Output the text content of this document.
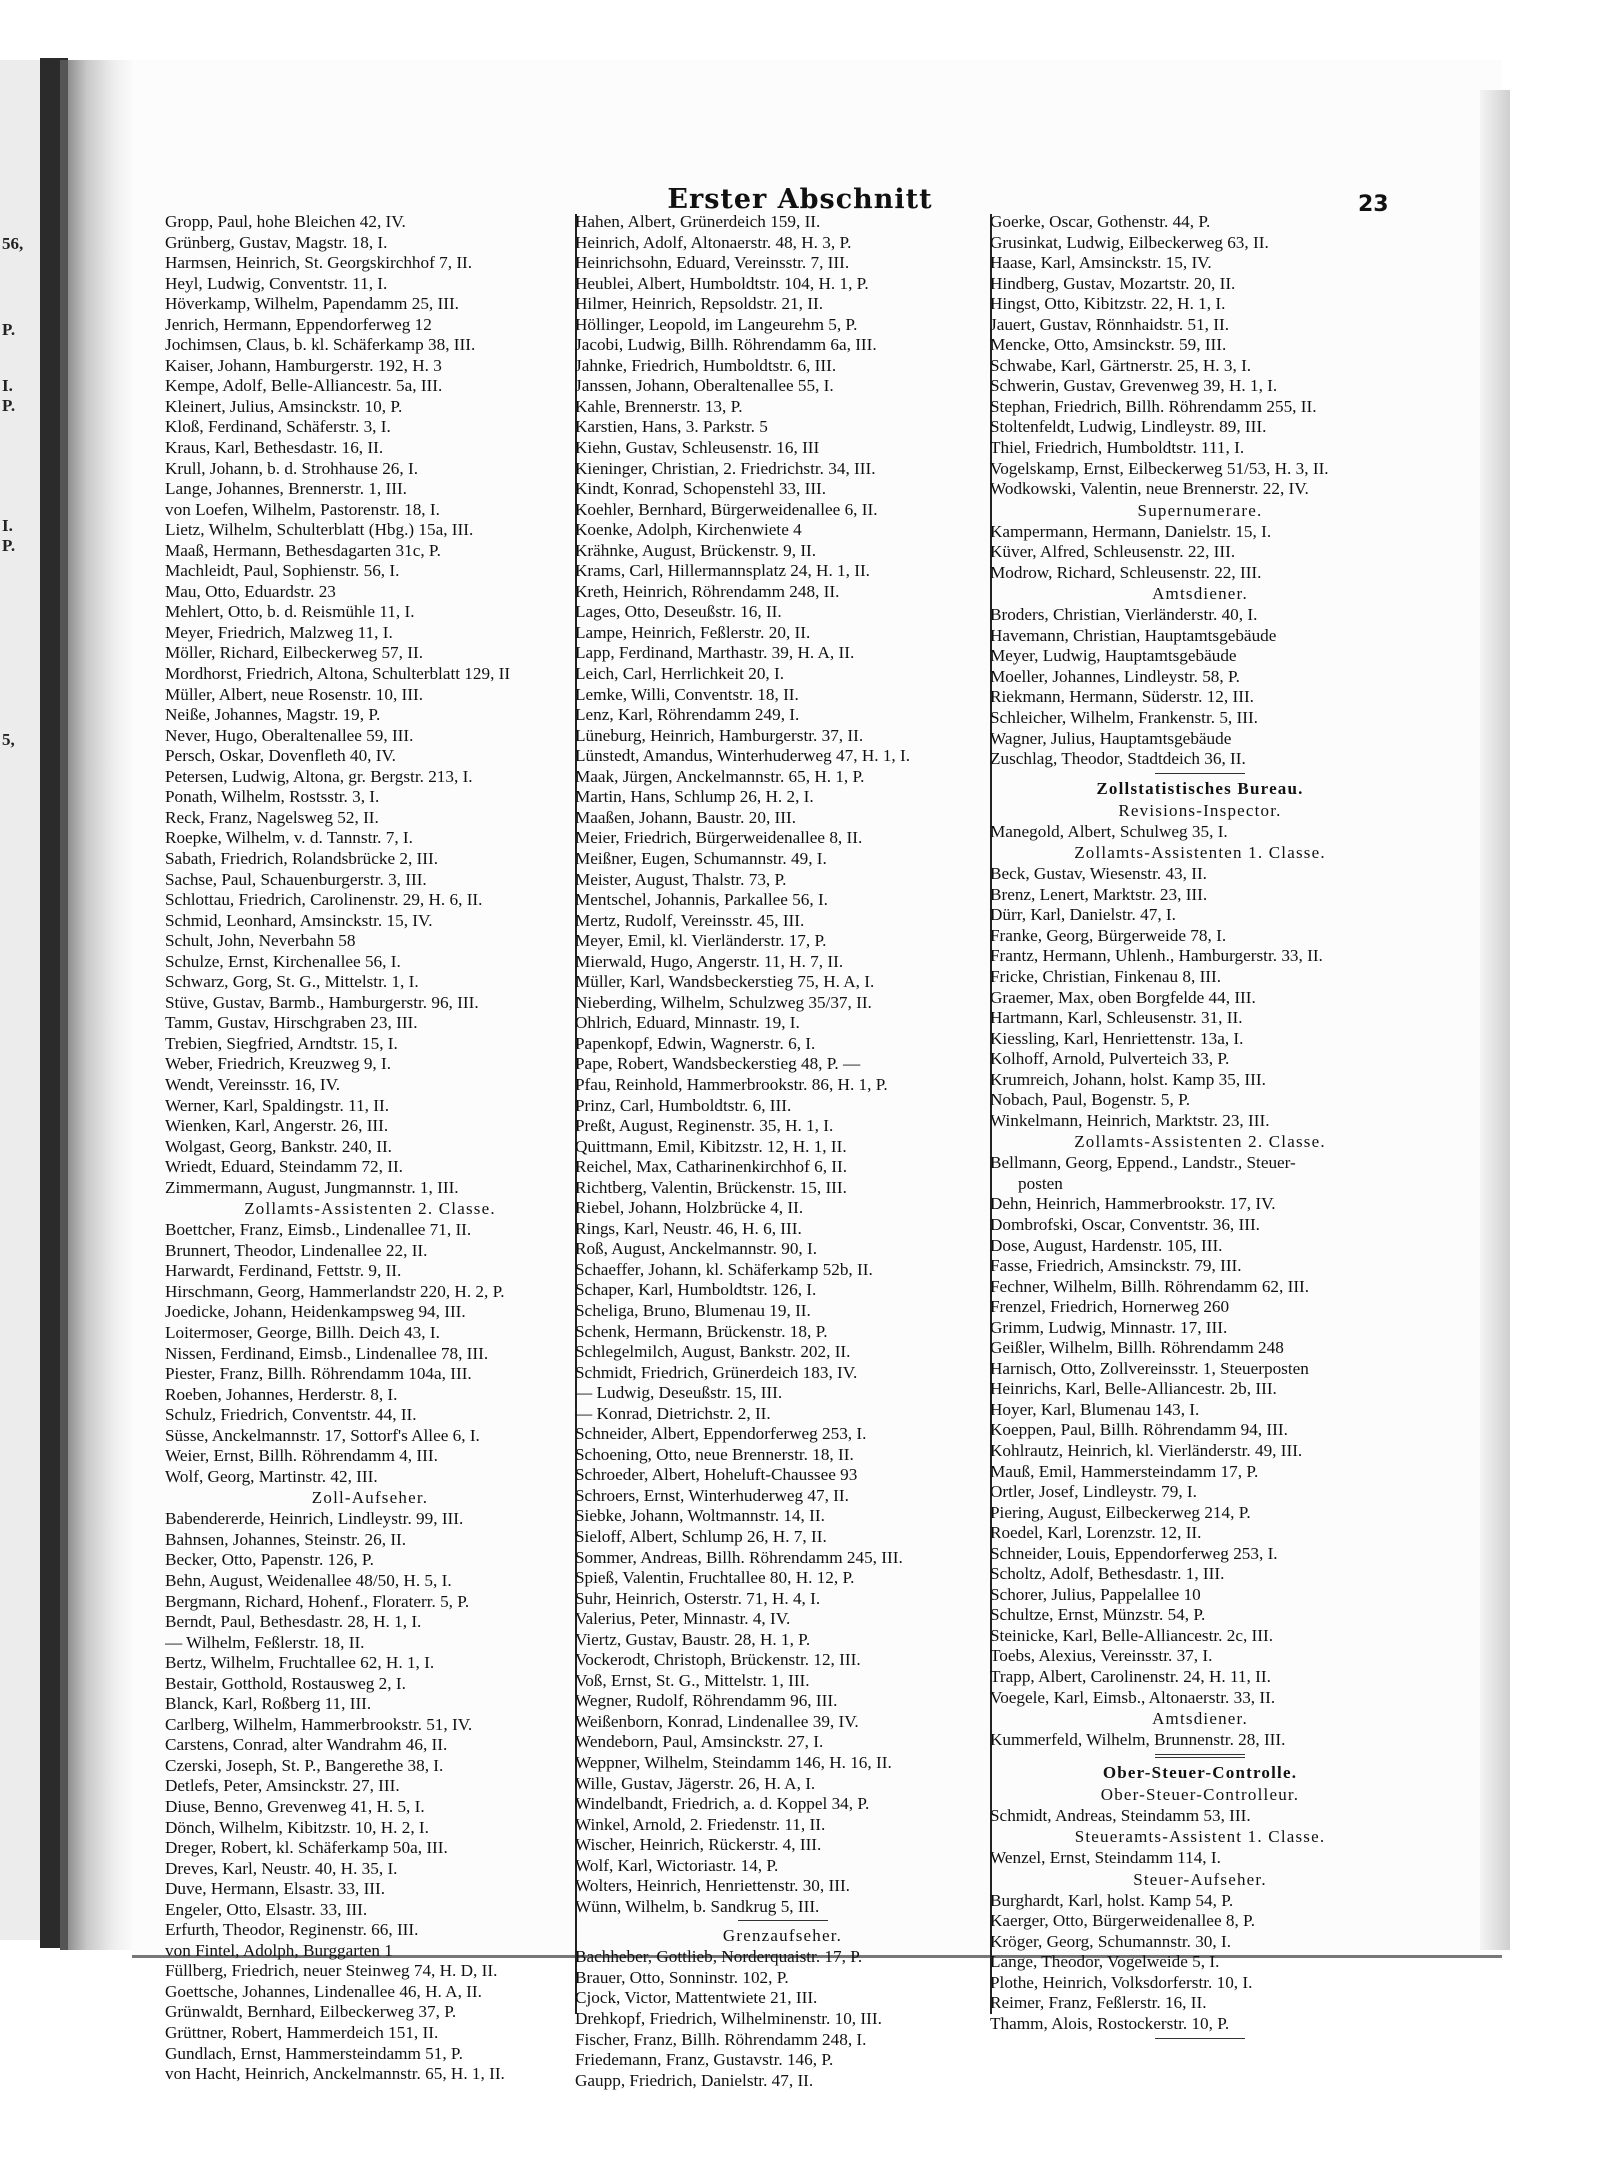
56,
P.
I.
P.
I.
P.
5,
Erster Abschnitt	23
Gropp, Paul, hohe Bleichen 42, IV.
Grünberg, Gustav, Magstr. 18, I.
Harmsen, Heinrich, St. Georgskirchhof 7, II.
Heyl, Ludwig, Conventstr. 11, I.
Höverkamp, Wilhelm, Papendamm 25, III.
Jenrich, Hermann, Eppendorferweg 12
Jochimsen, Claus, b. kl. Schäferkamp 38, III.
Kaiser, Johann, Hamburgerstr. 192, H. 3
Kempe, Adolf, Belle-Alliancestr. 5a, III.
Kleinert, Julius, Amsinckstr. 10, P.
Kloß, Ferdinand, Schäferstr. 3, I.
Kraus, Karl, Bethesdastr. 16, II.
Krull, Johann, b. d. Strohhause 26, I.
Lange, Johannes, Brennerstr. 1, III.
von Loefen, Wilhelm, Pastorenstr. 18, I.
Lietz, Wilhelm, Schulterblatt (Hbg.) 15a, III.
Maaß, Hermann, Bethesdagarten 31c, P.
Machleidt, Paul, Sophienstr. 56, I.
Mau, Otto, Eduardstr. 23
Mehlert, Otto, b. d. Reismühle 11, I.
Meyer, Friedrich, Malzweg 11, I.
Möller, Richard, Eilbeckerweg 57, II.
Mordhorst, Friedrich, Altona, Schulterblatt 129, II
Müller, Albert, neue Rosenstr. 10, III.
Neiße, Johannes, Magstr. 19, P.
Never, Hugo, Oberaltenallee 59, III.
Persch, Oskar, Dovenfleth 40, IV.
Petersen, Ludwig, Altona, gr. Bergstr. 213, I.
Ponath, Wilhelm, Rostsstr. 3, I.
Reck, Franz, Nagelsweg 52, II.
Roepke, Wilhelm, v. d. Tannstr. 7, I.
Sabath, Friedrich, Rolandsbrücke 2, III.
Sachse, Paul, Schauenburgerstr. 3, III.
Schlottau, Friedrich, Carolinenstr. 29, H. 6, II.
Schmid, Leonhard, Amsinckstr. 15, IV.
Schult, John, Neverbahn 58
Schulze, Ernst, Kirchenallee 56, I.
Schwarz, Gorg, St. G., Mittelstr. 1, I.
Stüve, Gustav, Barmb., Hamburgerstr. 96, III.
Tamm, Gustav, Hirschgraben 23, III.
Trebien, Siegfried, Arndtstr. 15, I.
Weber, Friedrich, Kreuzweg 9, I.
Wendt, Vereinsstr. 16, IV.
Werner, Karl, Spaldingstr. 11, II.
Wienken, Karl, Angerstr. 26, III.
Wolgast, Georg, Bankstr. 240, II.
Wriedt, Eduard, Steindamm 72, II.
Zimmermann, August, Jungmannstr. 1, III.
Zollamts-Assistenten 2. Classe.
Boettcher, Franz, Eimsb., Lindenallee 71, II.
Brunnert, Theodor, Lindenallee 22, II.
Harwardt, Ferdinand, Fettstr. 9, II.
Hirschmann, Georg, Hammerlandstr 220, H. 2, P.
Joedicke, Johann, Heidenkampsweg 94, III.
Loitermoser, George, Billh. Deich 43, I.
Nissen, Ferdinand, Eimsb., Lindenallee 78, III.
Piester, Franz, Billh. Röhrendamm 104a, III.
Roeben, Johannes, Herderstr. 8, I.
Schulz, Friedrich, Conventstr. 44, II.
Süsse, Anckelmannstr. 17, Sottorf's Allee 6, I.
Weier, Ernst, Billh. Röhrendamm 4, III.
Wolf, Georg, Martinstr. 42, III.
Zoll-Aufseher.
Babendererde, Heinrich, Lindleystr. 99, III.
Bahnsen, Johannes, Steinstr. 26, II.
Becker, Otto, Papenstr. 126, P.
Behn, August, Weidenallee 48/50, H. 5, I.
Bergmann, Richard, Hohenf., Floraterr. 5, P.
Berndt, Paul, Bethesdastr. 28, H. 1, I.
— Wilhelm, Feßlerstr. 18, II.
Bertz, Wilhelm, Fruchtallee 62, H. 1, I.
Bestair, Gotthold, Rostausweg 2, I.
Blanck, Karl, Roßberg 11, III.
Carlberg, Wilhelm, Hammerbrookstr. 51, IV.
Carstens, Conrad, alter Wandrahm 46, II.
Czerski, Joseph, St. P., Bangerethe 38, I.
Detlefs, Peter, Amsinckstr. 27, III.
Diuse, Benno, Grevenweg 41, H. 5, I.
Dönch, Wilhelm, Kibitzstr. 10, H. 2, I.
Dreger, Robert, kl. Schäferkamp 50a, III.
Dreves, Karl, Neustr. 40, H. 35, I.
Duve, Hermann, Elsastr. 33, III.
Engeler, Otto, Elsastr. 33, III.
Erfurth, Theodor, Reginenstr. 66, III.
von Fintel, Adolph, Burggarten 1
Füllberg, Friedrich, neuer Steinweg 74, H. D, II.
Goettsche, Johannes, Lindenallee 46, H. A, II.
Grünwaldt, Bernhard, Eilbeckerweg 37, P.
Grüttner, Robert, Hammerdeich 151, II.
Gundlach, Ernst, Hammersteindamm 51, P.
von Hacht, Heinrich, Anckelmannstr. 65, H. 1, II.
Hahen, Albert, Grünerdeich 159, II.
Heinrich, Adolf, Altonaerstr. 48, H. 3, P.
Heinrichsohn, Eduard, Vereinsstr. 7, III.
Heublei, Albert, Humboldtstr. 104, H. 1, P.
Hilmer, Heinrich, Repsoldstr. 21, II.
Höllinger, Leopold, im Langeurehm 5, P.
Jacobi, Ludwig, Billh. Röhrendamm 6a, III.
Jahnke, Friedrich, Humboldtstr. 6, III.
Janssen, Johann, Oberaltenallee 55, I.
Kahle, Brennerstr. 13, P.
Karstien, Hans, 3. Parkstr. 5
Kiehn, Gustav, Schleusenstr. 16, III
Kieninger, Christian, 2. Friedrichstr. 34, III.
Kindt, Konrad, Schopenstehl 33, III.
Koehler, Bernhard, Bürgerweidenallee 6, II.
Koenke, Adolph, Kirchenwiete 4
Krähnke, August, Brückenstr. 9, II.
Krams, Carl, Hillermannsplatz 24, H. 1, II.
Kreth, Heinrich, Röhrendamm 248, II.
Lages, Otto, Deseußstr. 16, II.
Lampe, Heinrich, Feßlerstr. 20, II.
Lapp, Ferdinand, Marthastr. 39, H. A, II.
Leich, Carl, Herrlichkeit 20, I.
Lemke, Willi, Conventstr. 18, II.
Lenz, Karl, Röhrendamm 249, I.
Lüneburg, Heinrich, Hamburgerstr. 37, II.
Lünstedt, Amandus, Winterhuderweg 47, H. 1, I.
Maak, Jürgen, Anckelmannstr. 65, H. 1, P.
Martin, Hans, Schlump 26, H. 2, I.
Maaßen, Johann, Baustr. 20, III.
Meier, Friedrich, Bürgerweidenallee 8, II.
Meißner, Eugen, Schumannstr. 49, I.
Meister, August, Thalstr. 73, P.
Mentschel, Johannis, Parkallee 56, I.
Mertz, Rudolf, Vereinsstr. 45, III.
Meyer, Emil, kl. Vierländerstr. 17, P.
Mierwald, Hugo, Angerstr. 11, H. 7, II.
Müller, Karl, Wandsbeckerstieg 75, H. A, I.
Nieberding, Wilhelm, Schulzweg 35/37, II.
Ohlrich, Eduard, Minnastr. 19, I.
Papenkopf, Edwin, Wagnerstr. 6, I.
Pape, Robert, Wandsbeckerstieg 48, P. —
Pfau, Reinhold, Hammerbrookstr. 86, H. 1, P.
Prinz, Carl, Humboldtstr. 6, III.
Preßt, August, Reginenstr. 35, H. 1, I.
Quittmann, Emil, Kibitzstr. 12, H. 1, II.
Reichel, Max, Catharinenkirchhof 6, II.
Richtberg, Valentin, Brückenstr. 15, III.
Riebel, Johann, Holzbrücke 4, II.
Rings, Karl, Neustr. 46, H. 6, III.
Roß, August, Anckelmannstr. 90, I.
Schaeffer, Johann, kl. Schäferkamp 52b, II.
Schaper, Karl, Humboldtstr. 126, I.
Scheliga, Bruno, Blumenau 19, II.
Schenk, Hermann, Brückenstr. 18, P.
Schlegelmilch, August, Bankstr. 202, II.
Schmidt, Friedrich, Grünerdeich 183, IV.
— Ludwig, Deseußstr. 15, III.
— Konrad, Dietrichstr. 2, II.
Schneider, Albert, Eppendorferweg 253, I.
Schoening, Otto, neue Brennerstr. 18, II.
Schroeder, Albert, Hoheluft-Chaussee 93
Schroers, Ernst, Winterhuderweg 47, II.
Siebke, Johann, Woltmannstr. 14, II.
Sieloff, Albert, Schlump 26, H. 7, II.
Sommer, Andreas, Billh. Röhrendamm 245, III.
Spieß, Valentin, Fruchtallee 80, H. 12, P.
Suhr, Heinrich, Osterstr. 71, H. 4, I.
Valerius, Peter, Minnastr. 4, IV.
Viertz, Gustav, Baustr. 28, H. 1, P.
Vockerodt, Christoph, Brückenstr. 12, III.
Voß, Ernst, St. G., Mittelstr. 1, III.
Wegner, Rudolf, Röhrendamm 96, III.
Weißenborn, Konrad, Lindenallee 39, IV.
Wendeborn, Paul, Amsinckstr. 27, I.
Weppner, Wilhelm, Steindamm 146, H. 16, II.
Wille, Gustav, Jägerstr. 26, H. A, I.
Windelbandt, Friedrich, a. d. Koppel 34, P.
Winkel, Arnold, 2. Friedenstr. 11, II.
Wischer, Heinrich, Rückerstr. 4, III.
Wolf, Karl, Wictoriastr. 14, P.
Wolters, Heinrich, Henriettenstr. 30, III.
Wünn, Wilhelm, b. Sandkrug 5, III.
Grenzaufseher.
Bachheber, Gottlieb, Norderquaistr. 17, P.
Brauer, Otto, Sonninstr. 102, P.
Cjock, Victor, Mattentwiete 21, III.
Drehkopf, Friedrich, Wilhelminenstr. 10, III.
Fischer, Franz, Billh. Röhrendamm 248, I.
Friedemann, Franz, Gustavstr. 146, P.
Gaupp, Friedrich, Danielstr. 47, II.
Goerke, Oscar, Gothenstr. 44, P.
Grusinkat, Ludwig, Eilbeckerweg 63, II.
Haase, Karl, Amsinckstr. 15, IV.
Hindberg, Gustav, Mozartstr. 20, II.
Hingst, Otto, Kibitzstr. 22, H. 1, I.
Jauert, Gustav, Rönnhaidstr. 51, II.
Mencke, Otto, Amsinckstr. 59, III.
Schwabe, Karl, Gärtnerstr. 25, H. 3, I.
Schwerin, Gustav, Grevenweg 39, H. 1, I.
Stephan, Friedrich, Billh. Röhrendamm 255, II.
Stoltenfeldt, Ludwig, Lindleystr. 89, III.
Thiel, Friedrich, Humboldtstr. 111, I.
Vogelskamp, Ernst, Eilbeckerweg 51/53, H. 3, II.
Wodkowski, Valentin, neue Brennerstr. 22, IV.
Supernumerare.
Kampermann, Hermann, Danielstr. 15, I.
Küver, Alfred, Schleusenstr. 22, III.
Modrow, Richard, Schleusenstr. 22, III.
Amtsdiener.
Broders, Christian, Vierländerstr. 40, I.
Havemann, Christian, Hauptamtsgebäude
Meyer, Ludwig, Hauptamtsgebäude
Moeller, Johannes, Lindleystr. 58, P.
Riekmann, Hermann, Süderstr. 12, III.
Schleicher, Wilhelm, Frankenstr. 5, III.
Wagner, Julius, Hauptamtsgebäude
Zuschlag, Theodor, Stadtdeich 36, II.
Zollstatistisches Bureau.
Revisions-Inspector.
Manegold, Albert, Schulweg 35, I.
Zollamts-Assistenten 1. Classe.
Beck, Gustav, Wiesenstr. 43, II.
Brenz, Lenert, Marktstr. 23, III.
Dürr, Karl, Danielstr. 47, I.
Franke, Georg, Bürgerweide 78, I.
Frantz, Hermann, Uhlenh., Hamburgerstr. 33, II.
Fricke, Christian, Finkenau 8, III.
Graemer, Max, oben Borgfelde 44, III.
Hartmann, Karl, Schleusenstr. 31, II.
Kiessling, Karl, Henriettenstr. 13a, I.
Kolhoff, Arnold, Pulverteich 33, P.
Krumreich, Johann, holst. Kamp 35, III.
Nobach, Paul, Bogenstr. 5, P.
Winkelmann, Heinrich, Marktstr. 23, III.
Zollamts-Assistenten 2. Classe.
Bellmann, Georg, Eppend., Landstr., Steuer-
posten
Dehn, Heinrich, Hammerbrookstr. 17, IV.
Dombrofski, Oscar, Conventstr. 36, III.
Dose, August, Hardenstr. 105, III.
Fasse, Friedrich, Amsinckstr. 79, III.
Fechner, Wilhelm, Billh. Röhrendamm 62, III.
Frenzel, Friedrich, Hornerweg 260
Grimm, Ludwig, Minnastr. 17, III.
Geißler, Wilhelm, Billh. Röhrendamm 248
Harnisch, Otto, Zollvereinsstr. 1, Steuerposten
Heinrichs, Karl, Belle-Alliancestr. 2b, III.
Hoyer, Karl, Blumenau 143, I.
Koeppen, Paul, Billh. Röhrendamm 94, III.
Kohlrautz, Heinrich, kl. Vierländerstr. 49, III.
Mauß, Emil, Hammersteindamm 17, P.
Ortler, Josef, Lindleystr. 79, I.
Piering, August, Eilbeckerweg 214, P.
Roedel, Karl, Lorenzstr. 12, II.
Schneider, Louis, Eppendorferweg 253, I.
Scholtz, Adolf, Bethesdastr. 1, III.
Schorer, Julius, Pappelallee 10
Schultze, Ernst, Münzstr. 54, P.
Steinicke, Karl, Belle-Alliancestr. 2c, III.
Toebs, Alexius, Vereinsstr. 37, I.
Trapp, Albert, Carolinenstr. 24, H. 11, II.
Voegele, Karl, Eimsb., Altonaerstr. 33, II.
Amtsdiener.
Kummerfeld, Wilhelm, Brunnenstr. 28, III.
Ober-Steuer-Controlle.
Ober-Steuer-Controlleur.
Schmidt, Andreas, Steindamm 53, III.
Steueramts-Assistent 1. Classe.
Wenzel, Ernst, Steindamm 114, I.
Steuer-Aufseher.
Burghardt, Karl, holst. Kamp 54, P.
Kaerger, Otto, Bürgerweidenallee 8, P.
Kröger, Georg, Schumannstr. 30, I.
Lange, Theodor, Vogelweide 5, I.
Plothe, Heinrich, Volksdorferstr. 10, I.
Reimer, Franz, Feßlerstr. 16, II.
Thamm, Alois, Rostockerstr. 10, P.
